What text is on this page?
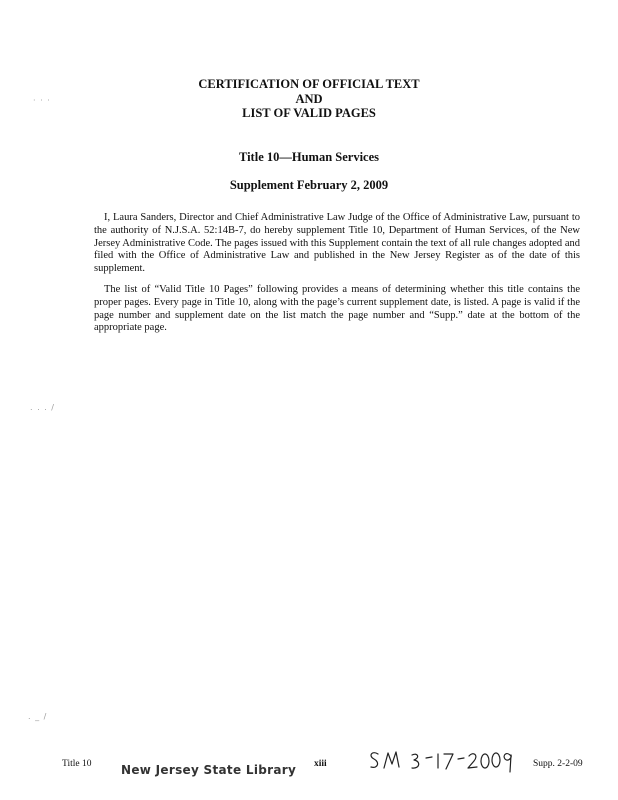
CERTIFICATION OF OFFICIAL TEXT
AND
LIST OF VALID PAGES
Title 10—Human Services
Supplement February 2, 2009

I, Laura Sanders, Director and Chief Administrative Law Judge of the Office of Administrative Law, pursuant to the authority of N.J.S.A. 52:14B-7, do hereby supplement Title 10, Department of Human Services, of the New Jersey Administrative Code. The pages issued with this Supplement contain the text of all rule changes adopted and filed with the Office of Administrative Law and published in the New Jersey Register as of the date of this supplement.

The list of “Valid Title 10 Pages” following provides a means of determining whether this title contains the proper pages. Every page in Title 10, along with the page’s current supplement date, is listed. A page is valid if the page number and supplement date on the list match the page number and “Supp.” date at the bottom of the appropriate page.

· · ·
. . . /
. _ /
Title 10 New Jersey State Library xiii	Supp. 2-2-09
